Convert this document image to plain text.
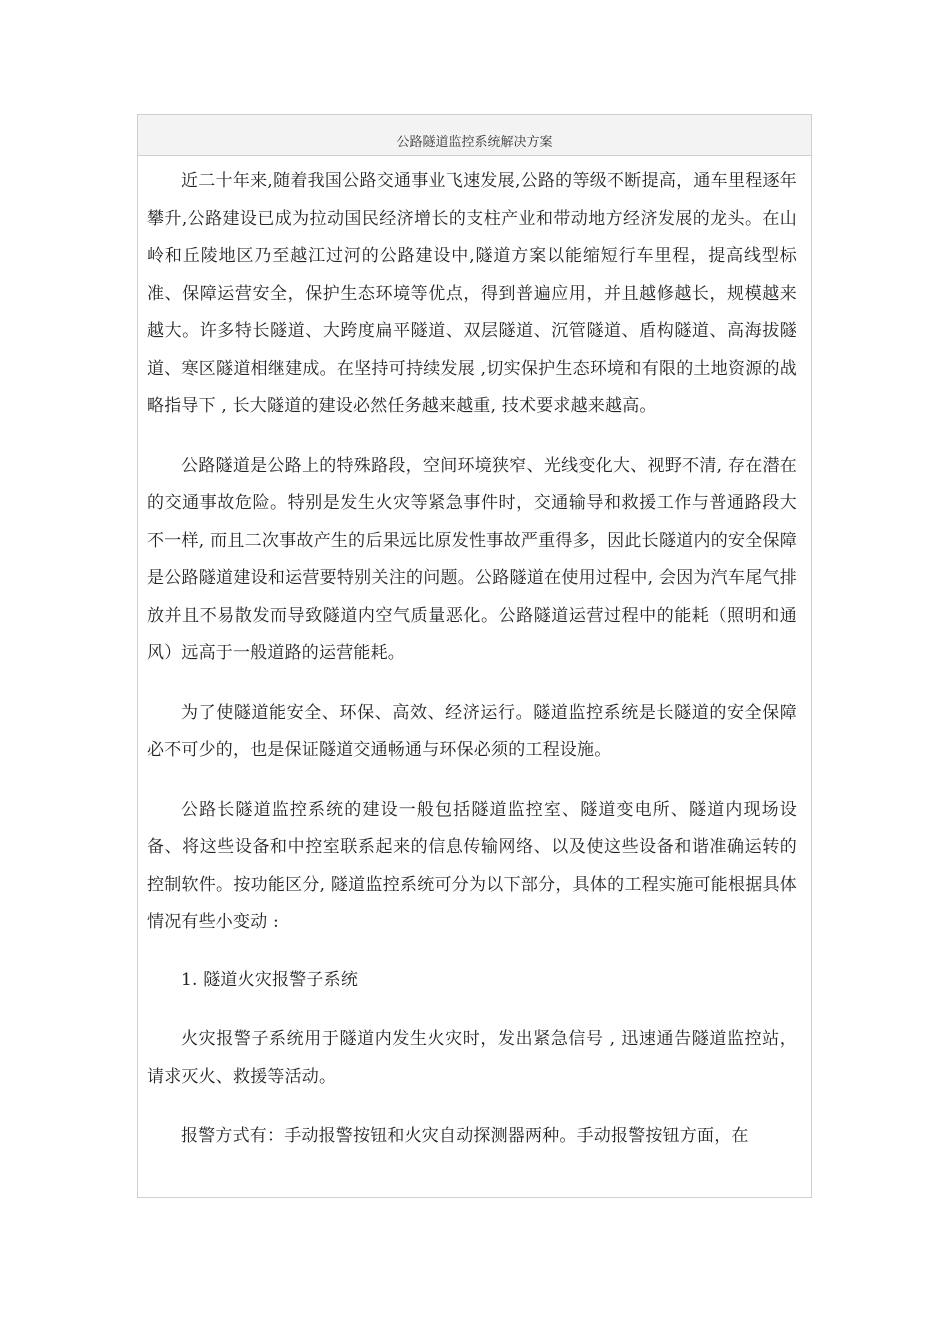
公路隧道监控系统解决方案

近二十年来,随着我国公路交通事业飞速发展,公路的等级不断提高，通车里程逐年攀升,公路建设已成为拉动国民经济增长的支柱产业和带动地方经济发展的龙头。在山岭和丘陵地区乃至越江过河的公路建设中,隧道方案以能缩短行车里程，提高线型标准、保障运营安全，保护生态环境等优点，得到普遍应用，并且越修越长，规模越来越大。许多特长隧道、大跨度扁平隧道、双层隧道、沉管隧道、盾构隧道、高海拔隧道、寒区隧道相继建成。在坚持可持续发展 ,切实保护生态环境和有限的土地资源的战略指导下 , 长大隧道的建设必然任务越来越重, 技术要求越来越高。

公路隧道是公路上的特殊路段，空间环境狭窄、光线变化大、视野不清, 存在潜在的交通事故危险。特别是发生火灾等紧急事件时，交通输导和救援工作与普通路段大不一样, 而且二次事故产生的后果远比原发性事故严重得多，因此长隧道内的安全保障是公路隧道建设和运营要特别关注的问题。公路隧道在使用过程中, 会因为汽车尾气排放并且不易散发而导致隧道内空气质量恶化。公路隧道运营过程中的能耗（照明和通风）远高于一般道路的运营能耗。

为了使隧道能安全、环保、高效、经济运行。隧道监控系统是长隧道的安全保障必不可少的，也是保证隧道交通畅通与环保必须的工程设施。

公路长隧道监控系统的建设一般包括隧道监控室、隧道变电所、隧道内现场设备、将这些设备和中控室联系起来的信息传输网络、以及使这些设备和谐准确运转的控制软件。按功能区分, 隧道监控系统可分为以下部分，具体的工程实施可能根据具体情况有些小变动 :

1. 隧道火灾报警子系统

火灾报警子系统用于隧道内发生火灾时，发出紧急信号 , 迅速通告隧道监控站，请求灭火、救援等活动。

报警方式有：手动报警按钮和火灾自动探测器两种。手动报警按钮方面，在
